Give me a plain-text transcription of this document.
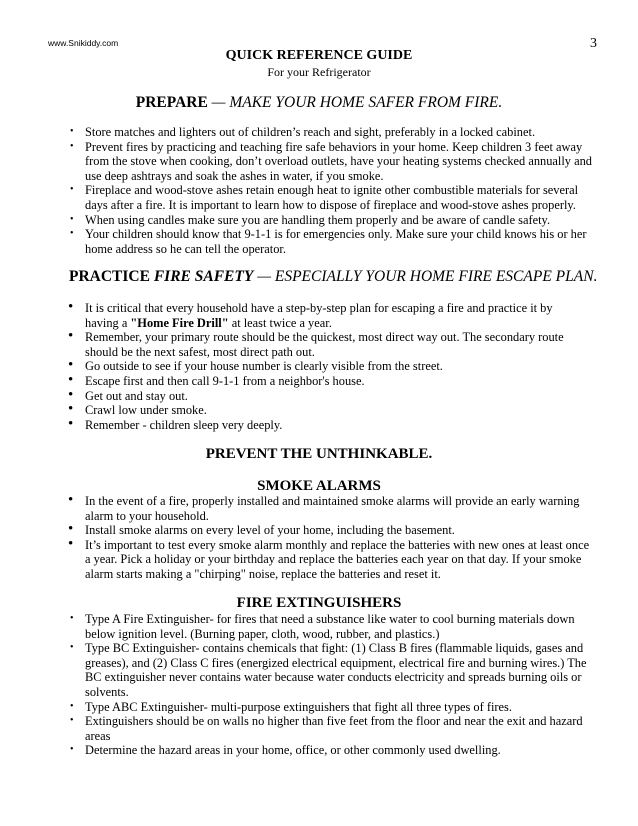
www.Snikiddy.com	3
QUICK REFERENCE GUIDE
For your Refrigerator
PREPARE — MAKE YOUR HOME SAFER FROM FIRE.
• Store matches and lighters out of children’s reach and sight, preferably in a locked cabinet.
• Prevent fires by practicing and teaching fire safe behaviors in your home. Keep children 3 feet away from the stove when cooking, don’t overload outlets, have your heating systems checked annually and use deep ashtrays and soak the ashes in water, if you smoke.
• Fireplace and wood-stove ashes retain enough heat to ignite other combustible materials for several days after a fire. It is important to learn how to dispose of fireplace and wood-stove ashes properly.
• When using candles make sure you are handling them properly and be aware of candle safety.
• Your children should know that 9-1-1 is for emergencies only. Make sure your child knows his or her home address so he can tell the operator.
PRACTICE FIRE SAFETY — ESPECIALLY YOUR HOME FIRE ESCAPE PLAN.
• It is critical that every household have a step-by-step plan for escaping a fire and practice it by having a "Home Fire Drill" at least twice a year.
• Remember, your primary route should be the quickest, most direct way out. The secondary route should be the next safest, most direct path out.
• Go outside to see if your house number is clearly visible from the street.
• Escape first and then call 9-1-1 from a neighbor's house.
• Get out and stay out.
• Crawl low under smoke.
• Remember - children sleep very deeply.
PREVENT THE UNTHINKABLE.
SMOKE ALARMS
• In the event of a fire, properly installed and maintained smoke alarms will provide an early warning alarm to your household.
• Install smoke alarms on every level of your home, including the basement.
• It’s important to test every smoke alarm monthly and replace the batteries with new ones at least once a year. Pick a holiday or your birthday and replace the batteries each year on that day. If your smoke alarm starts making a "chirping" noise, replace the batteries and reset it.
FIRE EXTINGUISHERS
• Type A Fire Extinguisher- for fires that need a substance like water to cool burning materials down below ignition level. (Burning paper, cloth, wood, rubber, and plastics.)
• Type BC Extinguisher- contains chemicals that fight: (1) Class B fires (flammable liquids, gases and greases), and (2) Class C fires (energized electrical equipment, electrical fire and burning wires.) The BC extinguisher never contains water because water conducts electricity and spreads burning oils or solvents.
• Type ABC Extinguisher- multi-purpose extinguishers that fight all three types of fires.
• Extinguishers should be on walls no higher than five feet from the floor and near the exit and hazard areas
• Determine the hazard areas in your home, office, or other commonly used dwelling.
